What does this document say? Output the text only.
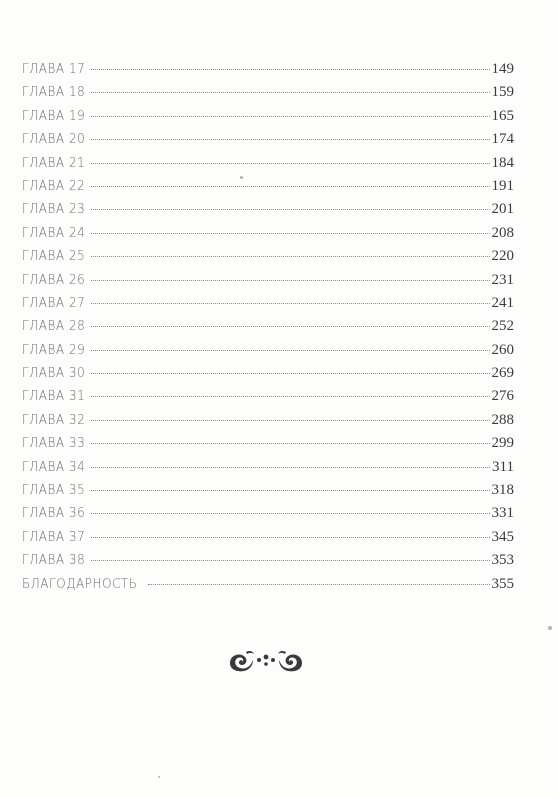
ГЛАВА 17	149
ГЛАВА 18	159
ГЛАВА 19	165
ГЛАВА 20	174
ГЛАВА 21	184
ГЛАВА 22	191
ГЛАВА 23	201
ГЛАВА 24	208
ГЛАВА 25	220
ГЛАВА 26	231
ГЛАВА 27	241
ГЛАВА 28	252
ГЛАВА 29	260
ГЛАВА 30	269
ГЛАВА 31	276
ГЛАВА 32	288
ГЛАВА 33	299
ГЛАВА 34	311
ГЛАВА 35	318
ГЛАВА 36	331
ГЛАВА 37	345
ГЛАВА 38	353
БЛАГОДАРНОСТЬ	355
